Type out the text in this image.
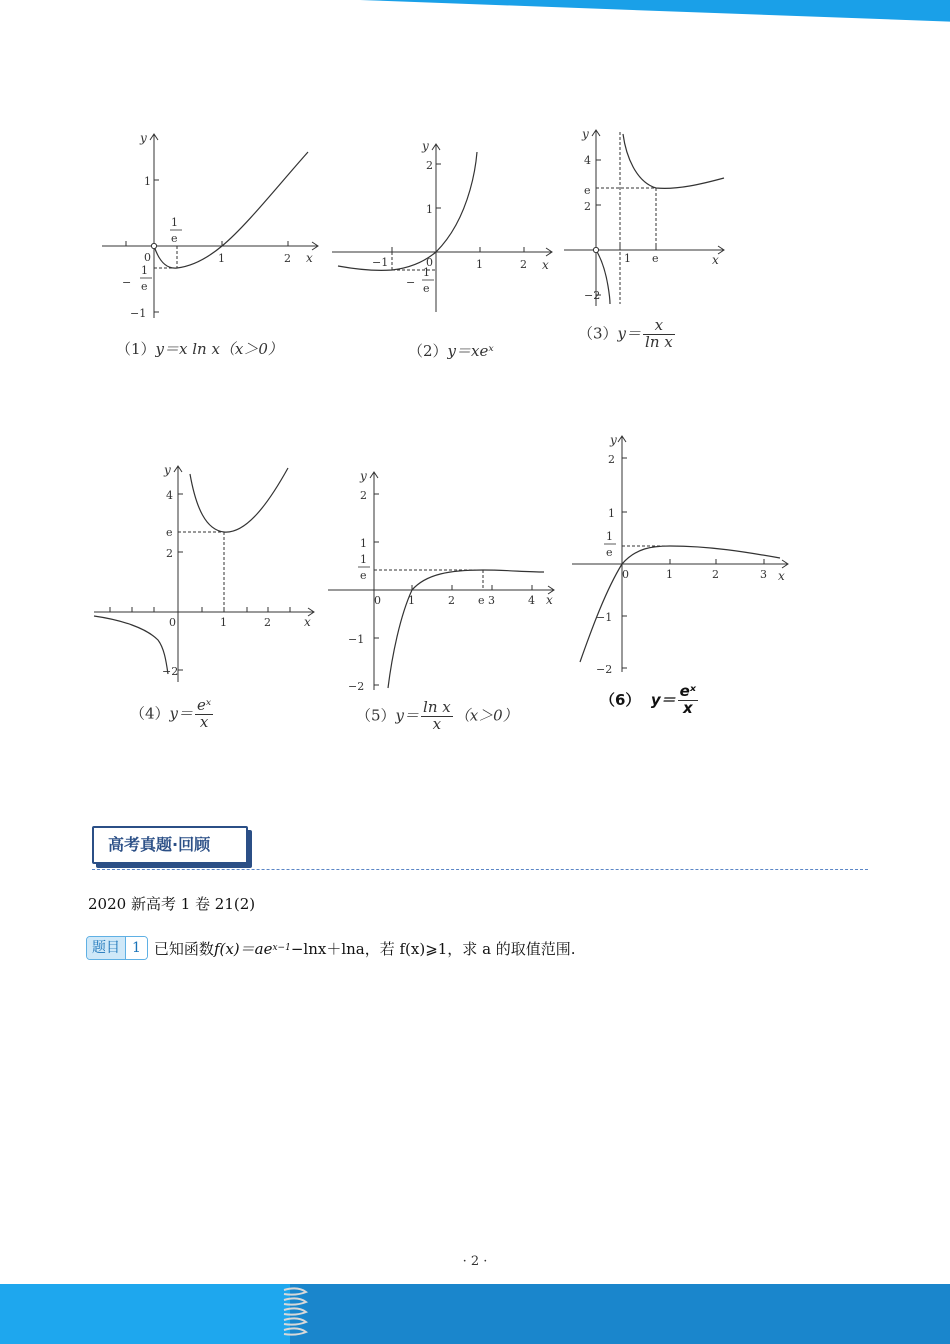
y
x
0	1	2
1
−1
1
e
−
1
e
（1）y＝x ln x（x＞0）
y
x
0	1	2
−1
1
2
−
1
e
（2）y＝xeˣ
y
x
4
e
2
1 e
−2
$(3)y= \frac{x}{\text{ln x}}$
y
x
4
e
2
0	1	2
−2
$(4)y= \frac{\text{eˣ}}{x}$
y
x
2
1
1
e
0 1	2 e 3	4
−1
−2
$(5)y= \frac{\text{ln x}}{x} (x>0)$
y
x
2
1
1
e
0	1	2	3
−1
−2
（6） $y= \frac{\text{eˣ}}{x}$
高考真题·回顾
2020 新高考 1 卷 21(2)
题目 1 已知函数 f(x)＝ae x−1 −lnx＋lna，若 f(x)⩾1，求 a 的取值范围.
· 2 ·
